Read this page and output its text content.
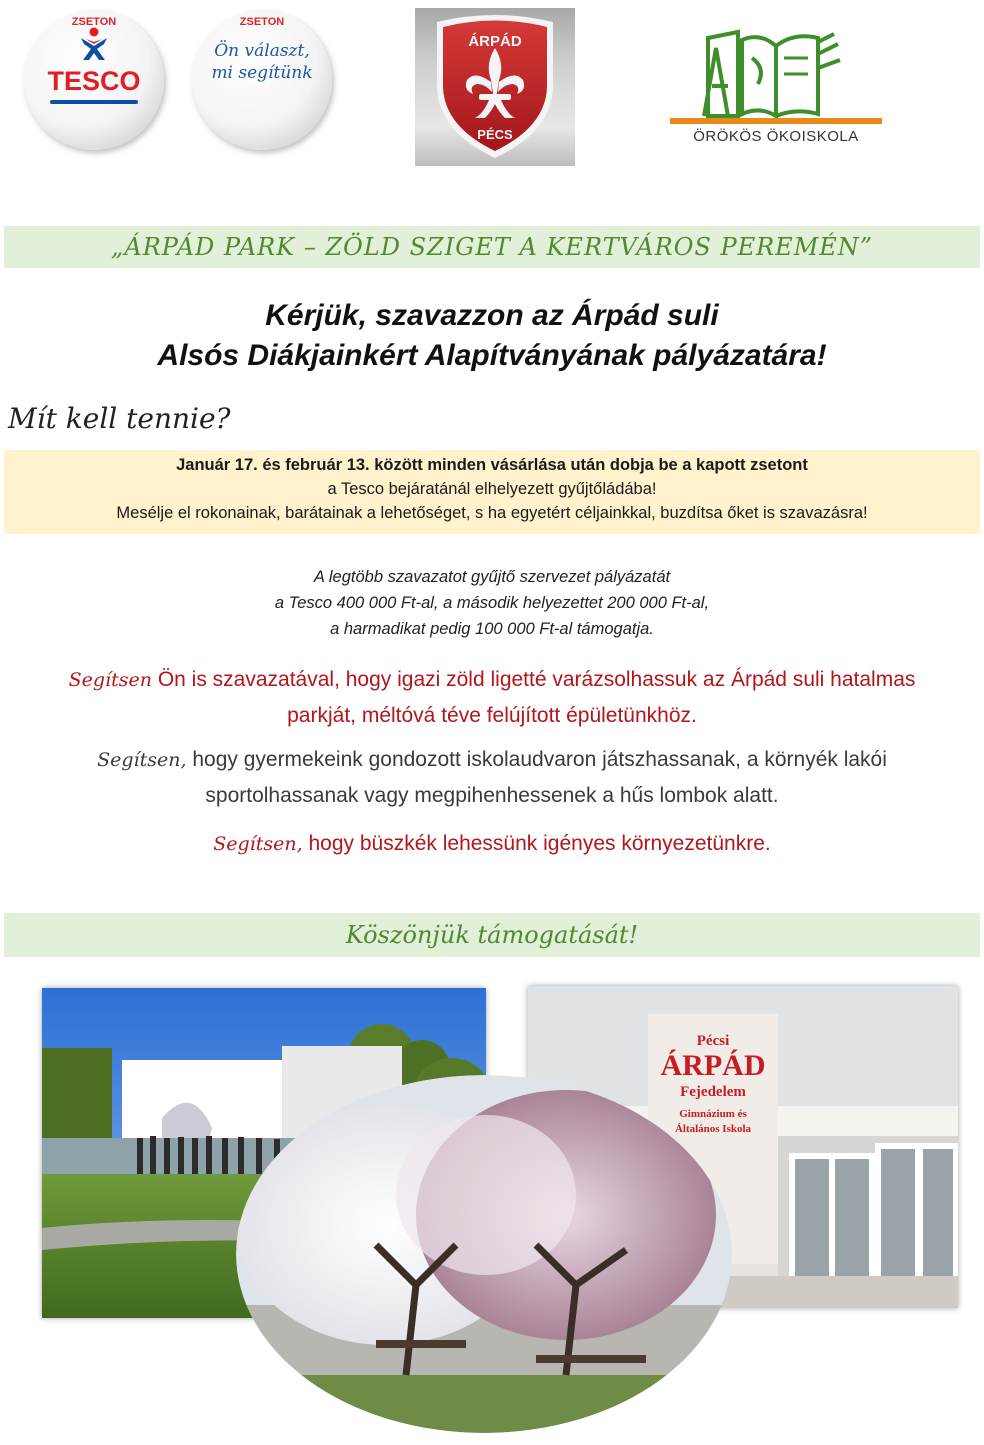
ZSETON
TESCO
ZSETON
Ön választ,
mi segítünk
ÁRPÁD
PÉCS	ÖRÖKÖS ÖKOISKOLA
„ÁRPÁD PARK – ZÖLD SZIGET A KERTVÁROS PEREMÉN”
Kérjük, szavazzon az Árpád suli
Alsós Diákjainkért Alapítványának pályázatára!
Mít kell tennie?
Január 17. és február 13. között minden vásárlása után dobja be a kapott zsetont
a Tesco bejáratánál elhelyezett gyűjtőládába!
Mesélje el rokonainak, barátainak a lehetőséget, s ha egyetért céljainkkal, buzdítsa őket is szavazásra!
A legtöbb szavazatot gyűjtő szervezet pályázatát
a Tesco 400 000 Ft-al, a második helyezettet 200 000 Ft-al,
a harmadikat pedig 100 000 Ft-al támogatja.
Segítsen Ön is szavazatával, hogy igazi zöld ligetté varázsolhassuk az Árpád suli hatalmas
parkját, méltóvá téve felújított épületünkhöz.
Segítsen, hogy gyermekeink gondozott iskolaudvaron játszhassanak, a környék lakói
sportolhassanak vagy megpihenhessenek a hűs lombok alatt.
Segítsen, hogy büszkék lehessünk igényes környezetünkre.
Köszönjük támogatását!
Pécsi
ÁRPÁD
Fejedelem
Gimnázium és
Általános Iskola
